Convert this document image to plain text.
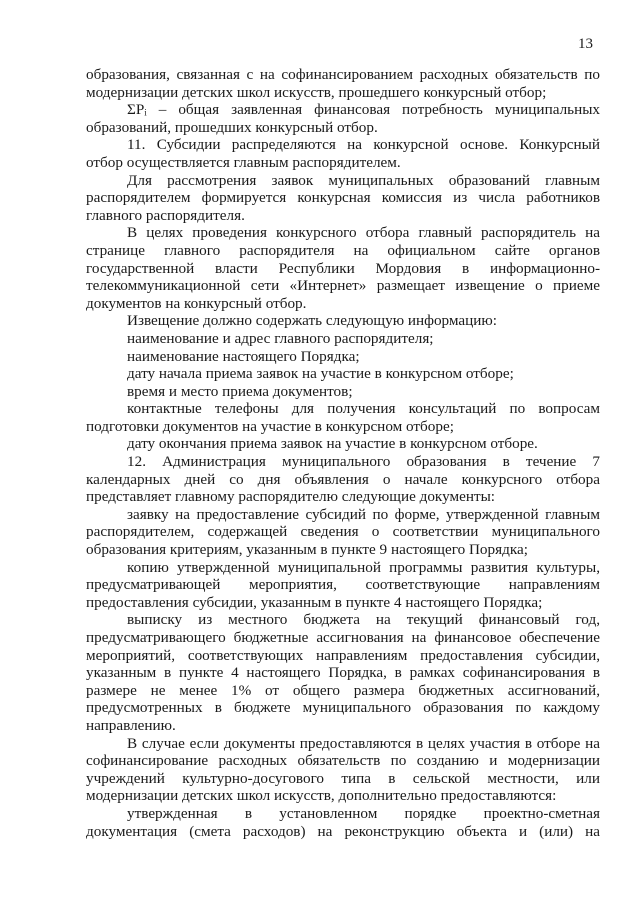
13
образования, связанная с на софинансированием расходных обязательств по
модернизации детских школ искусств, прошедшего конкурсный отбор;
ΣPᵢ – общая заявленная финансовая потребность муниципальных
образований, прошедших конкурсный отбор.
11. Субсидии распределяются на конкурсной основе. Конкурсный
отбор осуществляется главным распорядителем.
Для рассмотрения заявок муниципальных образований главным
распорядителем формируется конкурсная комиссия из числа работников
главного распорядителя.
В целях проведения конкурсного отбора главный распорядитель на
странице главного распорядителя на официальном сайте органов
государственной власти Республики Мордовия в информационно-
телекоммуникационной сети «Интернет» размещает извещение о приеме
документов на конкурсный отбор.
Извещение должно содержать следующую информацию:
наименование и адрес главного распорядителя;
наименование настоящего Порядка;
дату начала приема заявок на участие в конкурсном отборе;
время и место приема документов;
контактные телефоны для получения консультаций по вопросам
подготовки документов на участие в конкурсном отборе;
дату окончания приема заявок на участие в конкурсном отборе.
12. Администрация муниципального образования в течение 7
календарных дней со дня объявления о начале конкурсного отбора
представляет главному распорядителю следующие документы:
заявку на предоставление субсидий по форме, утвержденной главным
распорядителем, содержащей сведения о соответствии муниципального
образования критериям, указанным в пункте 9 настоящего Порядка;
копию утвержденной муниципальной программы развития культуры,
предусматривающей мероприятия, соответствующие направлениям
предоставления субсидии, указанным в пункте 4 настоящего Порядка;
выписку из местного бюджета на текущий финансовый год,
предусматривающего бюджетные ассигнования на финансовое обеспечение
мероприятий, соответствующих направлениям предоставления субсидии,
указанным в пункте 4 настоящего Порядка, в рамках софинансирования в
размере не менее 1% от общего размера бюджетных ассигнований,
предусмотренных в бюджете муниципального образования по каждому
направлению.
В случае если документы предоставляются в целях участия в отборе на
софинансирование расходных обязательств по созданию и модернизации
учреждений культурно-досугового типа в сельской местности, или
модернизации детских школ искусств, дополнительно предоставляются:
утвержденная в установленном порядке проектно-сметная
документация (смета расходов) на реконструкцию объекта и (или) на
